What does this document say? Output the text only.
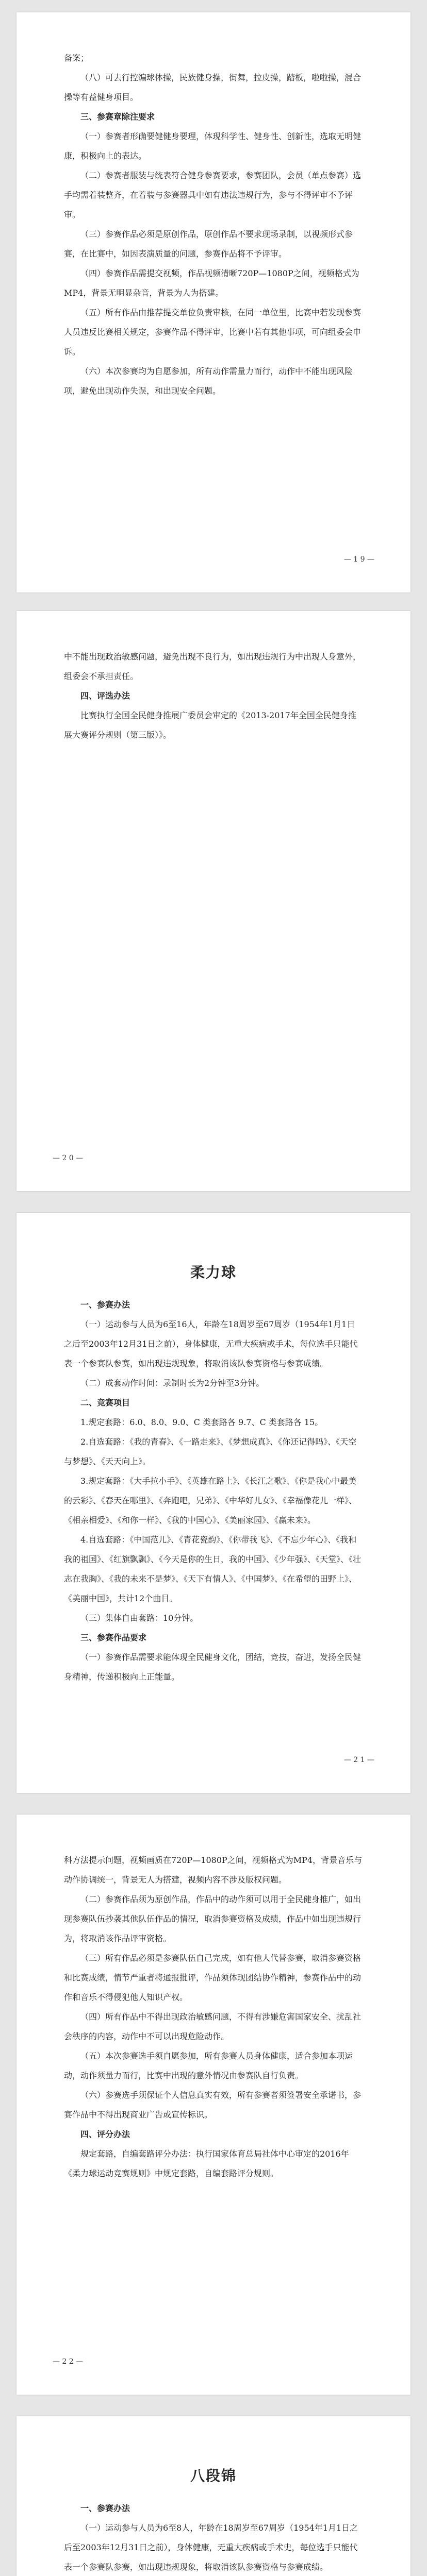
备案；

（八）可去行控编球体操，民族健身操，街舞，拉皮操，踏板，啦啦操，混合操等有益健身项目。

三、参赛章除注要求

（一）参赛者形确要健健身要理，体现科学性、健身性、创新性，选取无明健康，积极向上的表达。

（二）参赛者服装与统表符合健身参赛要求，参赛团队，会员（单点参赛）选手均需着装整齐，在着装与参赛器具中如有违法违规行为，参与不得评审不予评审。

（三）参赛作品必须是原创作品，原创作品不要求现场录制，以视频形式参赛，在比赛中，如因表演质量的问题，参赛作品将不予评审。

（四）参赛作品需提交视频，作品视频清晰720P—1080P之间，视频格式为MP4，背景无明显杂音，背景为人为搭建。

（五）所有作品由推荐提交单位负责审核，在同一单位里，比赛中若发现参赛人员违反比赛相关规定，参赛作品不得评审，比赛中若有其他事项，可向组委会申诉。

（六）本次参赛均为自愿参加，所有动作需量力而行，动作中不能出现风险项，避免出现动作失误，和出现安全问题。

— 1 9 —

中不能出现政治敏感问题，避免出现不良行为，如出现违规行为中出现人身意外，组委会不承担责任。

四、评选办法

比赛执行全国全民健身推展广委员会审定的《2013-2017年全国全民健身推展大赛评分规则（第三版）》。

— 2 0 —
柔力球

一、参赛办法

（一）运动参与人员为6至16人，年龄在18周岁至67周岁（1954年1月1日之后至2003年12月31日之前），身体健康，无重大疾病或手术，每位选手只能代表一个参赛队参赛，如出现违规现象，将取消该队参赛资格与参赛成绩。

（二）成套动作时间：录制时长为2分钟至3分钟。

二、竞赛项目

1.规定套路：6.0、8.0、9.0、C 类套路各 9.7、C 类套路各 15。

2.自选套路：《我的青春》、《一路走来》、《梦想成真》、《你还记得吗》、《天空与梦想》、《天天向上》。

3.规定套路：《大手拉小手》、《英雄在路上》、《长江之歌》、《你是我心中最美的云彩》、《春天在哪里》、《奔跑吧，兄弟》、《中华好儿女》、《幸福像花儿一样》、《相亲相爱》、《和你一样》、《我的中国心》、《美丽家园》、《赢未来》。

4.自选套路：《中国范儿》、《青花瓷韵》、《你带我飞》、《不忘少年心》、《我和我的祖国》、《红旗飘飘》、《今天是你的生日，我的中国》、《少年强》、《天堂》、《壮志在我胸》、《我的未来不是梦》、《天下有情人》、《中国梦》、《在希望的田野上》、《美丽中国》，共计12个曲目。

（三）集体自由套路：10分钟。

三、参赛作品要求

（一）参赛作品需要求能体现全民健身文化，团结，竞技，奋进，发扬全民健身精神，传递积极向上正能量。

— 2 1 —

科方法提示问题，视频画质在720P—1080P之间，视频格式为MP4，背景音乐与动作协调统一，背景无人为搭建，视频内容不涉及版权问题。

（二）参赛作品须为原创作品，作品中的动作须可以用于全民健身推广，如出现参赛队伍抄袭其他队伍作品的情况，取消参赛资格及成绩，作品中如出现违规行为，将取消该作品评审资格。

（三）所有作品必须是参赛队伍自己完成，如有他人代替参赛，取消参赛资格和比赛成绩，情节严重者将通报批评，作品须体现团结协作精神，参赛作品中的动作和音乐不得侵犯他人知识产权。

（四）所有作品中不得出现政治敏感问题，不得有涉嫌危害国家安全、扰乱社会秩序的内容，动作中不可以出现危险动作。

（五）本次参赛选手须自愿参加，所有参赛人员身体健康，适合参加本项运动，动作须量力而行，比赛中出现的意外情况由参赛队自行负责。

（六）参赛选手须保证个人信息真实有效，所有参赛者须签署安全承诺书，参赛作品中不得出现商业广告或宣传标识。

四、评分办法

规定套路，自编套路评分办法：执行国家体育总局社体中心审定的2016年《柔力球运动竞赛规则》中规定套路，自编套路评分规则。

— 2 2 —
八段锦

一、参赛办法

（一）运动参与人员为6至8人，年龄在18周岁至67周岁（1954年1月1日之后至2003年12月31日之前），身体健康，无重大疾病或手术史，每位选手只能代表一个参赛队参赛，如出现违规现象，将取消该队参赛资格与参赛成绩。
